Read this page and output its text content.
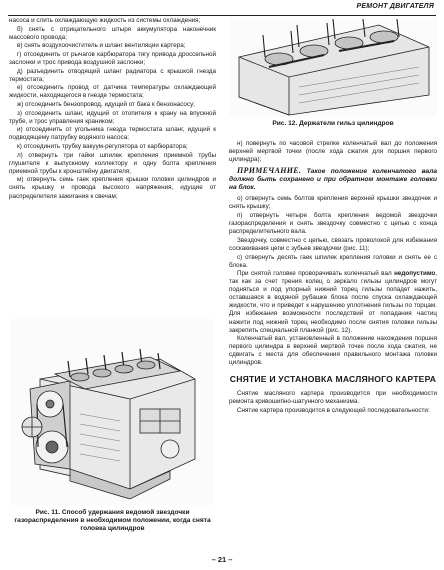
РЕМОНТ ДВИГАТЕЛЯ

насоса и слить охлаждающую жидкость из системы охлаждения;

б) снять с отрицательного штыря аккумулятора наконечник массового провода;

в) снять воздухоочиститель и шланг вентиляции картера;

г) отсоединить от рычагов карбюратора тягу привода дроссельной заслонки и трос привода воздушной заслонки;

д) разъединить отводящий шланг радиатора с крышкой гнезда термостата;

е) отсоединить провод от датчика температуры охлаждающей жидкости, находящегося в гнезде термостата;

ж) отсоединить бензопровод, идущий от бака к бензонасосу;

з) отсоединить шланг, идущий от отопителя к крану на впускной трубе, и трос управления краником;

и) отсоединить от угольника гнезда термостата шланг, идущий к подводящему патрубку водяного насоса;

к) отсоединить трубку вакуум-регулятора от карбюратора;

л) отвернуть три гайки шпилек крепления приемной трубы глушителя к выпускному коллектору и одну болта крепления приемной трубы к кронштейну двигателя;

м) отвернуть семь гаек крепления крышки головки цилиндров и снять крышку и провода высокого напряжения, идущие от распределителя зажигания к свечам;

Рис. 11. Способ удержания ведомой звездочки газораспределения в необходимом положении, когда снята головка цилиндров
Рис. 12. Держатели гильз цилиндров

н) повернуть по часовой стрелке коленчатый вал до положения верхней мертвой точки (после хода сжатия для поршня первого цилиндра);

ПРИМЕЧАНИЕ. Такое положение коленчатого вала должно быть сохранено и при обратном монтаже головки на блок.

о) отвернуть семь болтов крепления верхней крышки звездочек и снять крышку;

п) отвернуть четыре болта крепления ведомой звездочки газораспределения и снять звездочку совместно с цепью с конца распределительного вала.

Звездочку, совместно с цепью, связать проволокой для избежания соскакивания цепи с зубьев звездочки (рис. 11);

с) отвернуть десять гаек шпилек крепления головки и снять ее с блока.

При снятой головке проворачивать коленчатый вал недопустимо, так как за счет трения колец о зеркало гильзы цилиндров могут подняться и под упорный нижний торец гильзы попадет нажить, оставшаяся в водяной рубашке блока после спуска охлаждающей жидкости, что и приведет к нарушению уплотнения гильзы по торцам. Для избежания возможности последствий от попадания частиц нажити под нижний торец необходимо после снятия головки гильзы закрепить специальной планкой (рис. 12).

Коленчатый вал, установленный в положение нахождения поршня первого цилиндра в верхней мертвой точке после хода сжатия, не сдвигать с места для обеспечения правильного монтажа головки цилиндров.

СНЯТИЕ И УСТАНОВКА МАСЛЯНОГО КАРТЕРА

Снятие масляного картера производится при необходимости ремонта кривошипно-шатунного механизма.

Снятие картера производится в следующей последовательности:

– 21 –
